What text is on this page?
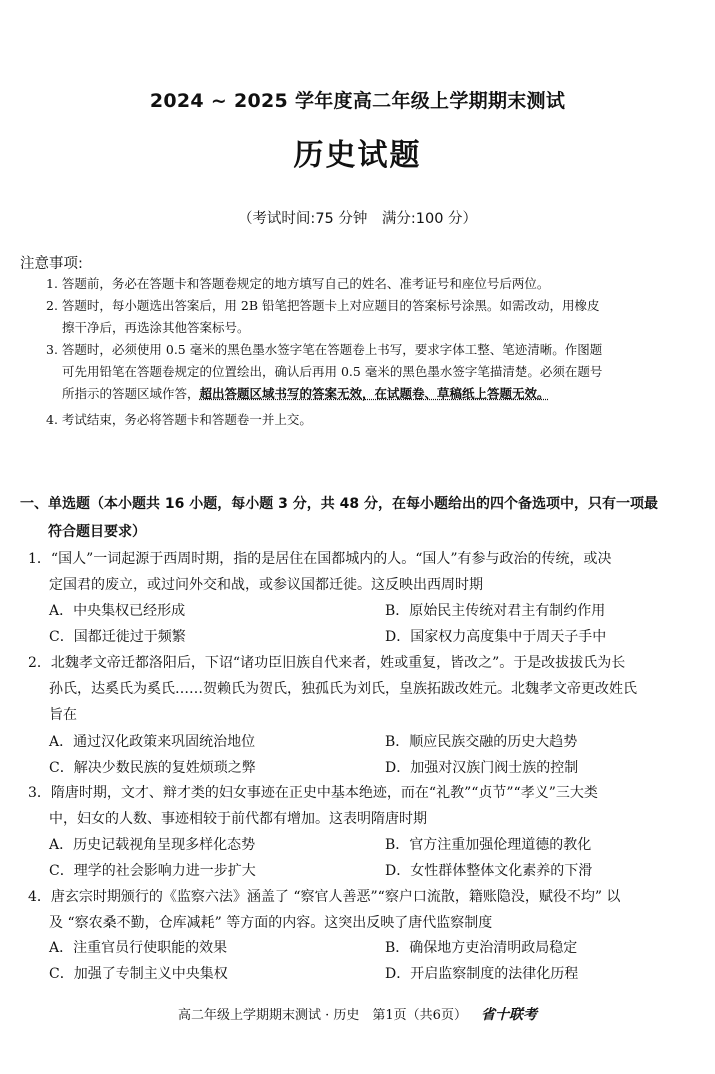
2024 ~ 2025 学年度高二年级上学期期末测试
历史试题
（考试时间:75 分钟　满分:100 分）
注意事项:
1. 答题前，务必在答题卡和答题卷规定的地方填写自己的姓名、准考证号和座位号后两位。
2. 答题时，每小题选出答案后，用 2B 铅笔把答题卡上对应题目的答案标号涂黑。如需改动，用橡皮
擦干净后，再选涂其他答案标号。
3. 答题时，必须使用 0.5 毫米的黑色墨水签字笔在答题卷上书写，要求字体工整、笔迹清晰。作图题
可先用铅笔在答题卷规定的位置绘出，确认后再用 0.5 毫米的黑色墨水签字笔描清楚。必须在题号
所指示的答题区域作答，超出答题区域书写的答案无效，在试题卷、草稿纸上答题无效。
4. 考试结束，务必将答题卡和答题卷一并上交。
一、单选题（本小题共 16 小题，每小题 3 分，共 48 分，在每小题给出的四个备选项中，只有一项最
符合题目要求）
1．“国人”一词起源于西周时期，指的是居住在国都城内的人。“国人”有参与政治的传统，或决
定国君的废立，或过问外交和战，或参议国都迁徙。这反映出西周时期
A．中央集权已经形成	B．原始民主传统对君主有制约作用
C．国都迁徙过于频繁	D．国家权力高度集中于周天子手中
2．北魏孝文帝迁都洛阳后，下诏“诸功臣旧族自代来者，姓或重复，皆改之”。于是改拔拔氏为长
孙氏，达奚氏为奚氏……贺赖氏为贺氏，独孤氏为刘氏，皇族拓跋改姓元。北魏孝文帝更改姓氏
旨在
A．通过汉化政策来巩固统治地位	B．顺应民族交融的历史大趋势
C．解决少数民族的复姓烦琐之弊	D．加强对汉族门阀士族的控制
3．隋唐时期，文才、辩才类的妇女事迹在正史中基本绝迹，而在“礼教”“贞节”“孝义”三大类
中，妇女的人数、事迹相较于前代都有增加。这表明隋唐时期
A．历史记载视角呈现多样化态势	B．官方注重加强伦理道德的教化
C．理学的社会影响力进一步扩大	D．女性群体整体文化素养的下滑
4．唐玄宗时期颁行的《监察六法》涵盖了 “察官人善恶”“察户口流散，籍账隐没，赋役不均” 以
及 “察农桑不勤，仓库减耗” 等方面的内容。这突出反映了唐代监察制度
A．注重官员行使职能的效果	B．确保地方吏治清明政局稳定
C．加强了专制主义中央集权	D．开启监察制度的法律化历程
高二年级上学期期末测试 · 历史　第1页（共6页） 省十联考
